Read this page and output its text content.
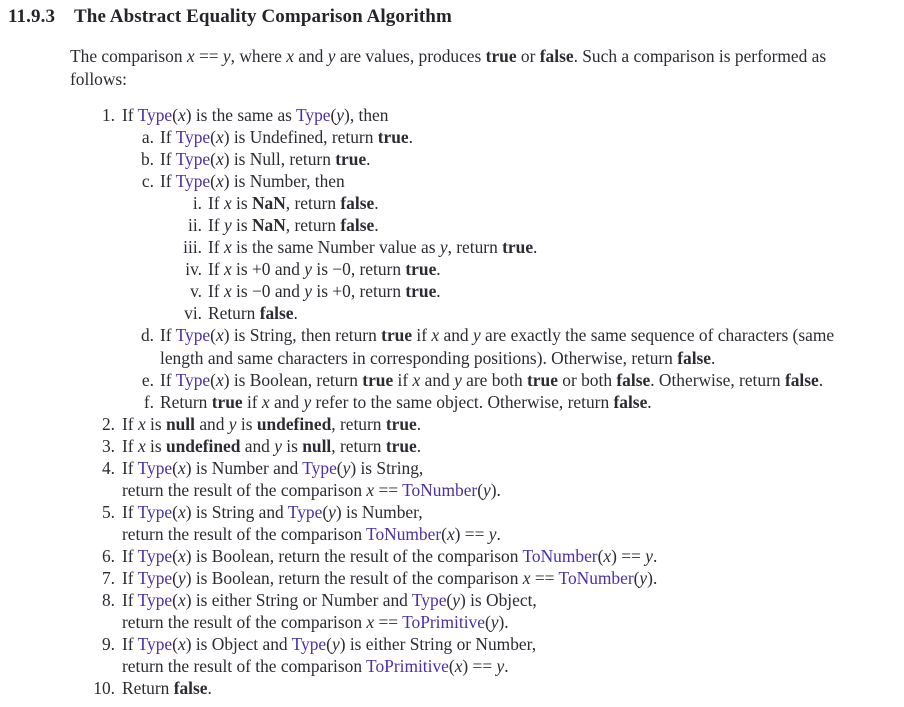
11.9.3 The Abstract Equality Comparison Algorithm
The comparison x == y, where x and y are values, produces true or false. Such a comparison is performed as follows:
1. If Type(x) is the same as Type(y), then
a. If Type(x) is Undefined, return true.
b. If Type(x) is Null, return true.
c. If Type(x) is Number, then
i. If x is NaN, return false.
ii. If y is NaN, return false.
iii. If x is the same Number value as y, return true.
iv. If x is +0 and y is −0, return true.
v. If x is −0 and y is +0, return true.
vi. Return false.
d. If Type(x) is String, then return true if x and y are exactly the same sequence of characters (same length and same characters in corresponding positions). Otherwise, return false.
e. If Type(x) is Boolean, return true if x and y are both true or both false. Otherwise, return false.
f. Return true if x and y refer to the same object. Otherwise, return false.
2. If x is null and y is undefined, return true.
3. If x is undefined and y is null, return true.
4. If Type(x) is Number and Type(y) is String,
return the result of the comparison x == ToNumber(y).
5. If Type(x) is String and Type(y) is Number,
return the result of the comparison ToNumber(x) == y.
6. If Type(x) is Boolean, return the result of the comparison ToNumber(x) == y.
7. If Type(y) is Boolean, return the result of the comparison x == ToNumber(y).
8. If Type(x) is either String or Number and Type(y) is Object,
return the result of the comparison x == ToPrimitive(y).
9. If Type(x) is Object and Type(y) is either String or Number,
return the result of the comparison ToPrimitive(x) == y.
10. Return false.
